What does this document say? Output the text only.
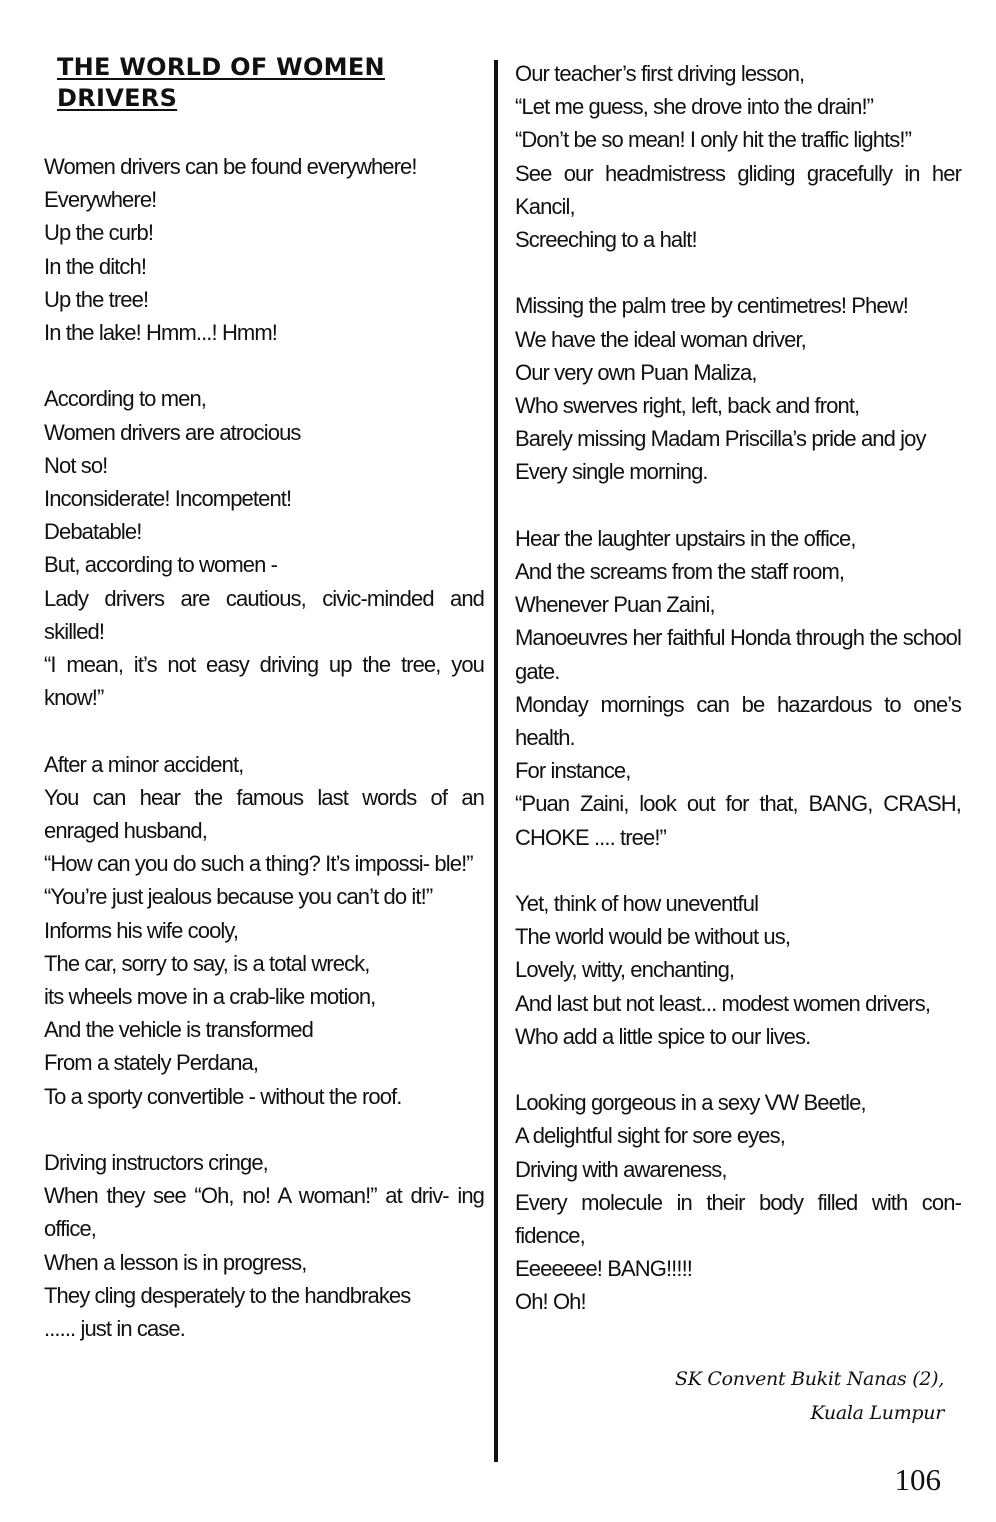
THE WORLD OF WOMEN
DRIVERS
Women drivers can be found everywhere!
Everywhere!
Up the curb!
In the ditch!
Up the tree!
In the lake! Hmm...! Hmm!
According to men,
Women drivers are atrocious
Not so!
Inconsiderate! Incompetent!
Debatable!
But, according to women -
Lady drivers are cautious, civic-minded and skilled!
“I mean, it’s not easy driving up the tree, you know!”
After a minor accident,
You can hear the famous last words of an enraged husband,
“How can you do such a thing? It’s impossi- ble!”
“You’re just jealous because you can’t do it!”
Informs his wife cooly,
The car, sorry to say, is a total wreck,
its wheels move in a crab-like motion,
And the vehicle is transformed
From a stately Perdana,
To a sporty convertible - without the roof.
Driving instructors cringe,
When they see “Oh, no! A woman!” at driv- ing office,
When a lesson is in progress,
They cling desperately to the handbrakes
...... just in case.
Our teacher’s first driving lesson,
“Let me guess, she drove into the drain!”
“Don’t be so mean! I only hit the traffic lights!”
See our headmistress gliding gracefully in her Kancil,
Screeching to a halt!
Missing the palm tree by centimetres! Phew!
We have the ideal woman driver,
Our very own Puan Maliza,
Who swerves right, left, back and front,
Barely missing Madam Priscilla’s pride and joy
Every single morning.
Hear the laughter upstairs in the office,
And the screams from the staff room,
Whenever Puan Zaini,
Manoeuvres her faithful Honda through the school gate.
Monday mornings can be hazardous to one’s health.
For instance,
“Puan Zaini, look out for that, BANG, CRASH, CHOKE .... tree!”
Yet, think of how uneventful
The world would be without us,
Lovely, witty, enchanting,
And last but not least... modest women drivers,
Who add a little spice to our lives.
Looking gorgeous in a sexy VW Beetle,
A delightful sight for sore eyes,
Driving with awareness,
Every molecule in their body filled with con- fidence,
Eeeeeee! BANG!!!!!
Oh! Oh!
SK Convent Bukit Nanas (2),
Kuala Lumpur
106
